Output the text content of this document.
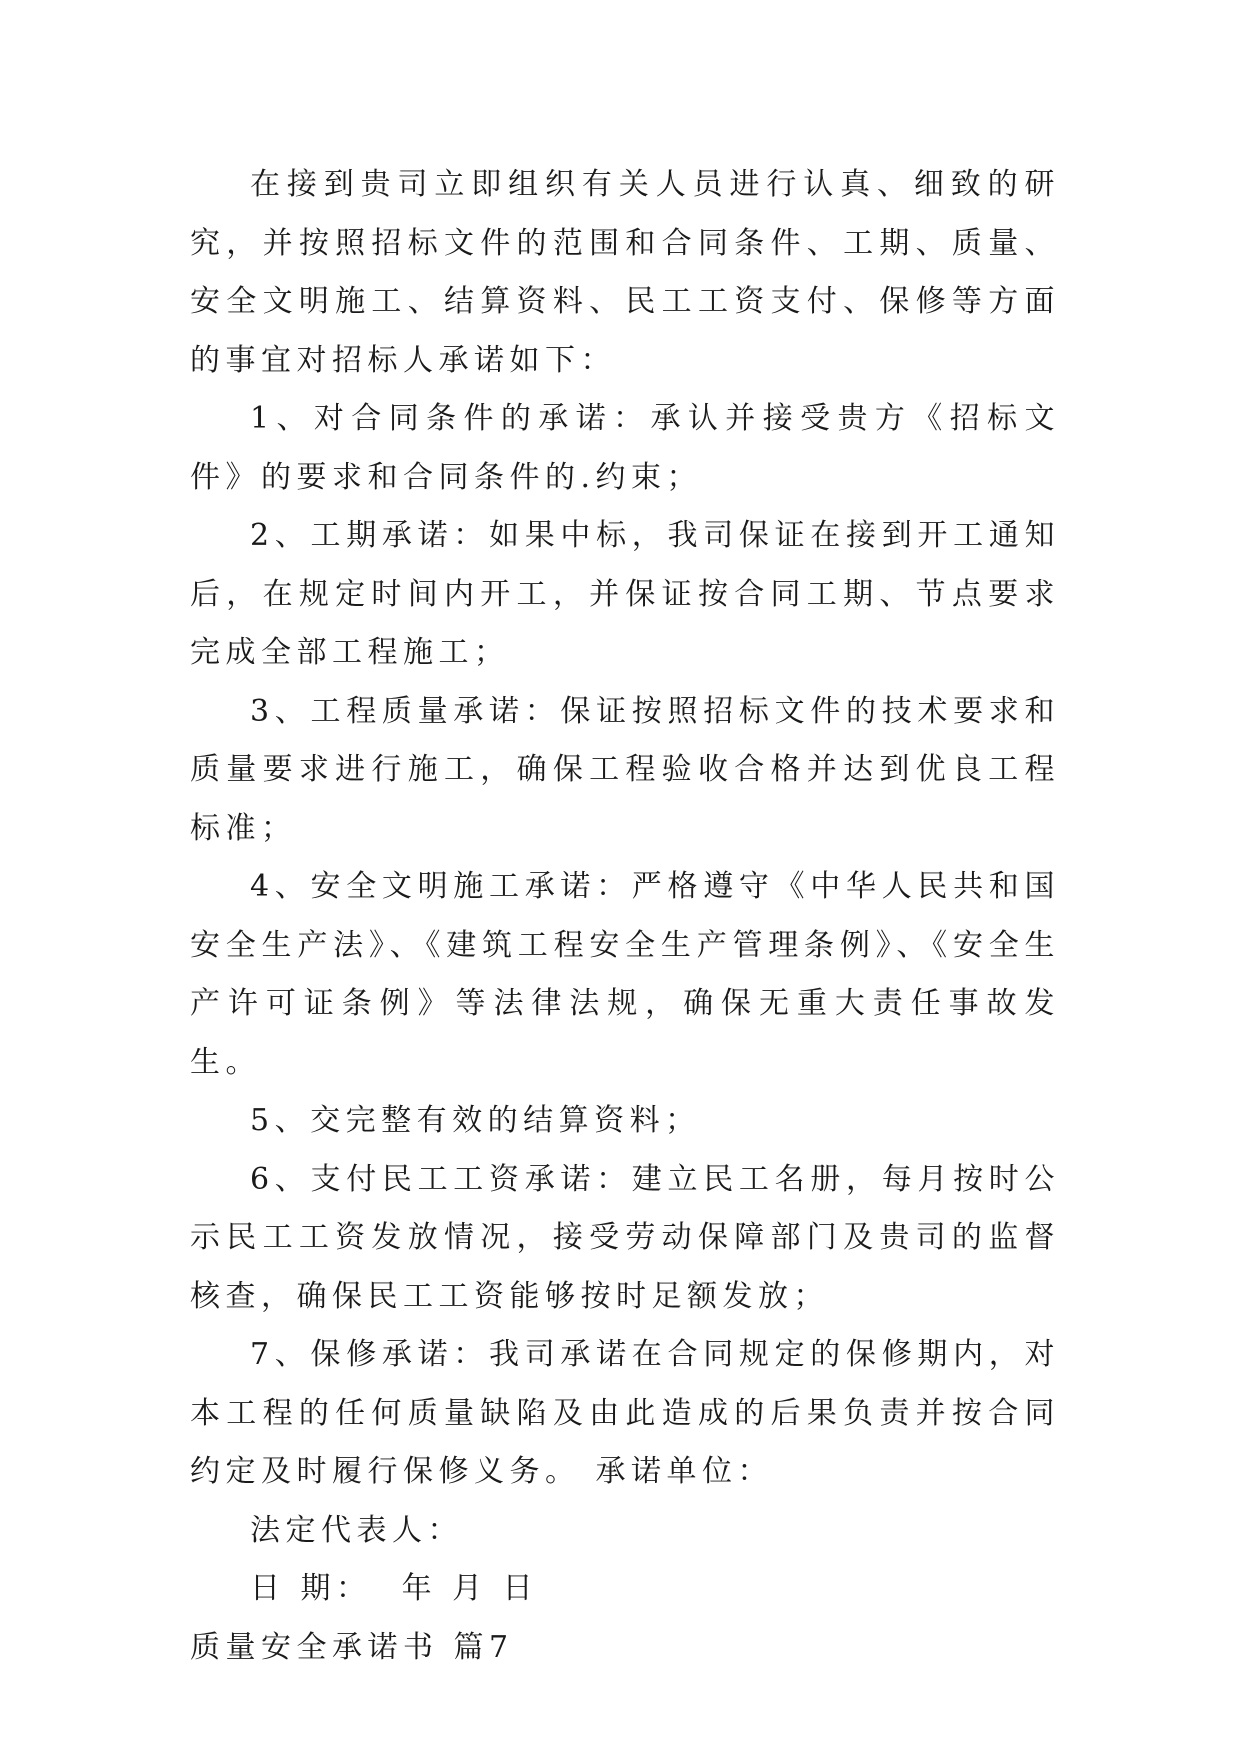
在接到贵司立即组织有关人员进行认真、细致的研究，并按照招标文件的范围和合同条件、工期、质量、安全文明施工、结算资料、民工工资支付、保修等方面的事宜对招标人承诺如下：

1、对合同条件的承诺：承认并接受贵方《招标文件》的要求和合同条件的.约束；

2、工期承诺：如果中标，我司保证在接到开工通知后，在规定时间内开工，并保证按合同工期、节点要求完成全部工程施工；

3、工程质量承诺：保证按照招标文件的技术要求和质量要求进行施工，确保工程验收合格并达到优良工程标准；

4、安全文明施工承诺：严格遵守《中华人民共和国安全生产法》、《建筑工程安全生产管理条例》、《安全生产许可证条例》等法律法规，确保无重大责任事故发生。

5、交完整有效的结算资料；

6、支付民工工资承诺：建立民工名册，每月按时公示民工工资发放情况，接受劳动保障部门及贵司的监督核查，确保民工工资能够按时足额发放；

7、保修承诺：我司承诺在合同规定的保修期内，对本工程的任何质量缺陷及由此造成的后果负责并按合同约定及时履行保修义务。 承诺单位：

法定代表人：

日 期：  年 月 日

质量安全承诺书 篇7
